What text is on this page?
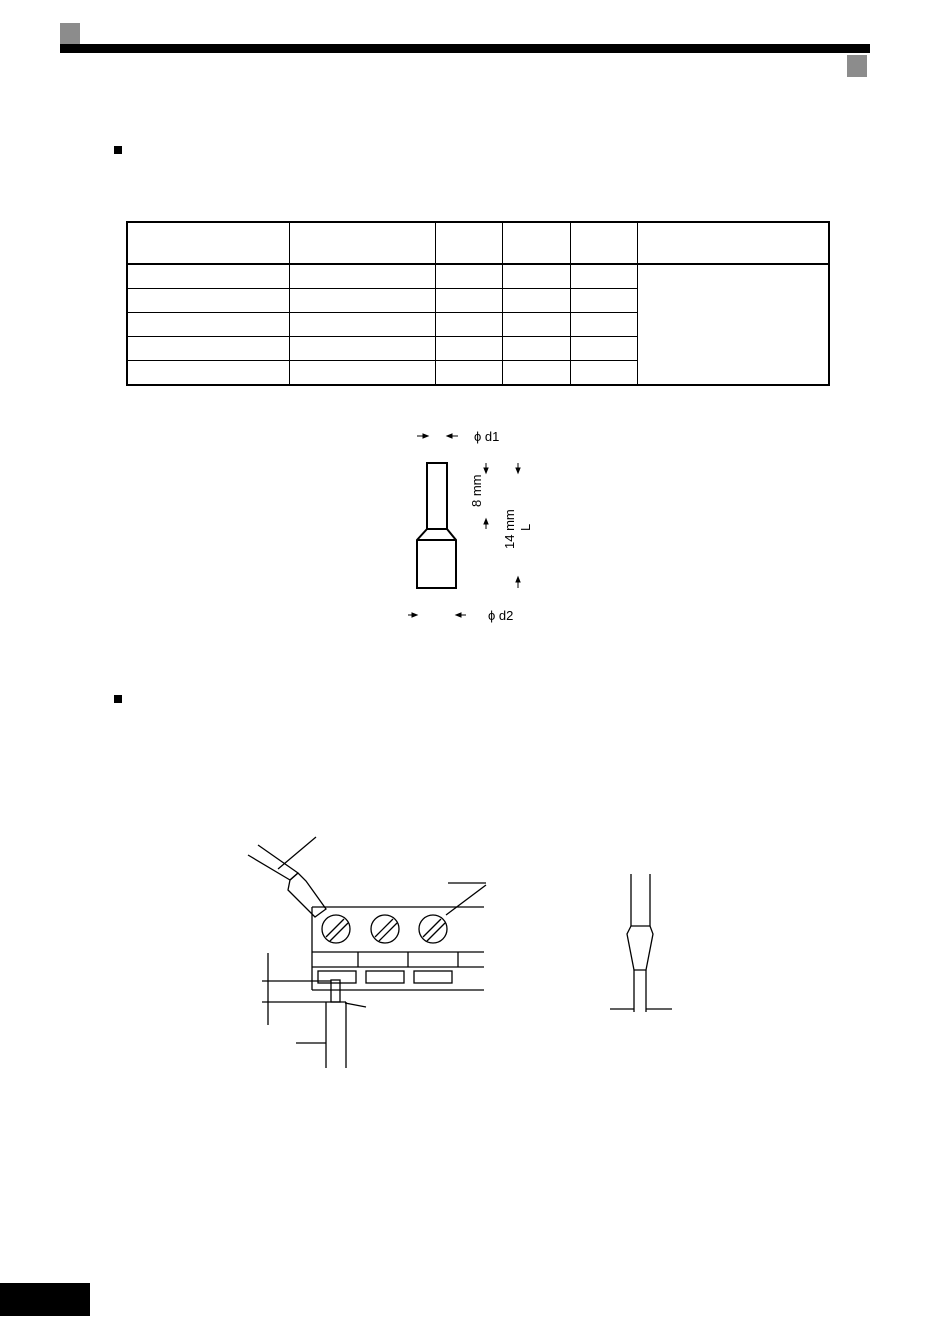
ϕ d1
ϕ d2
8 mm
14 mm L
